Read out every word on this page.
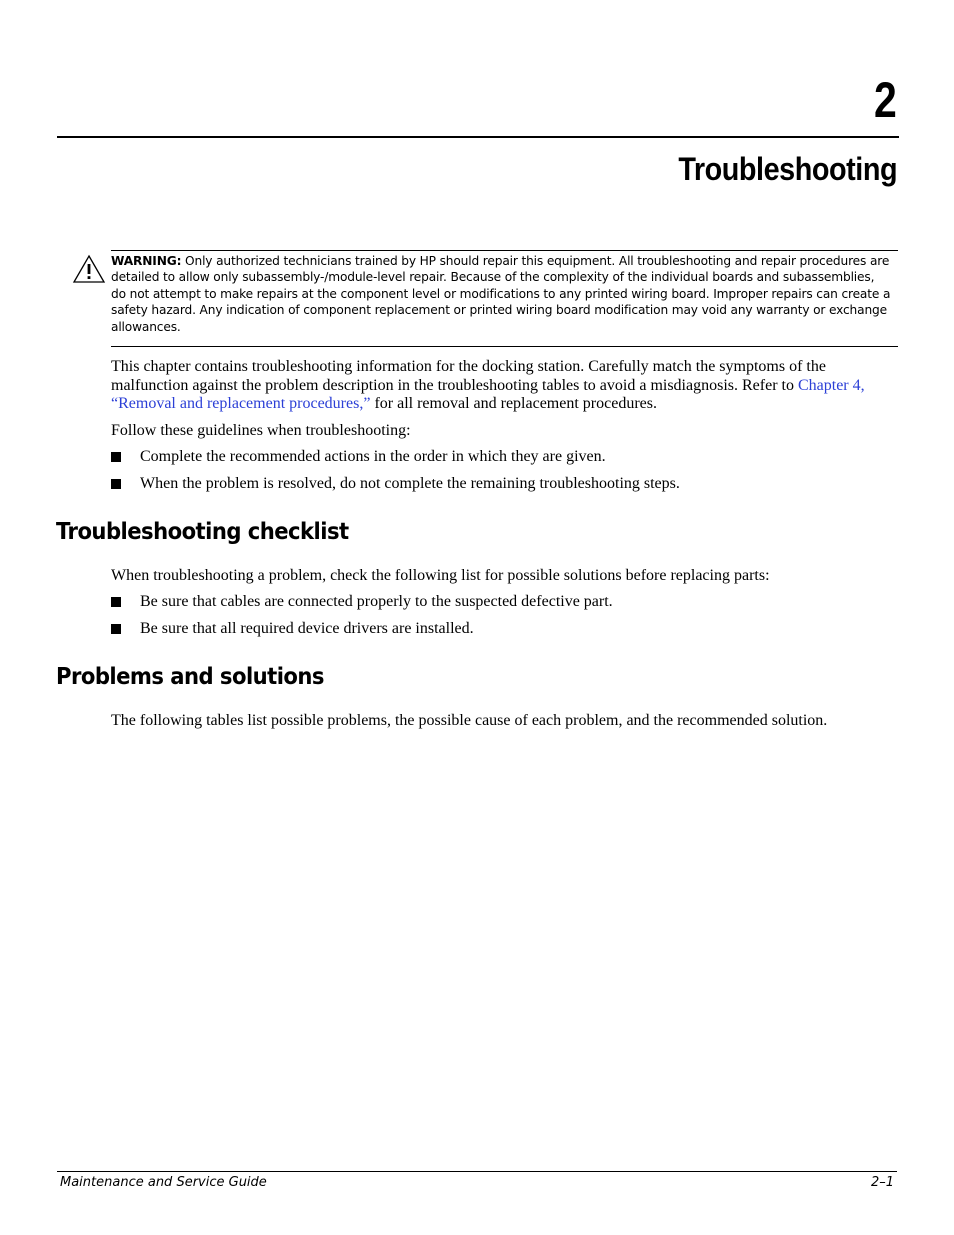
2
Troubleshooting
WARNING: Only authorized technicians trained by HP should repair this equipment. All troubleshooting and repair procedures are detailed to allow only subassembly-/module-level repair. Because of the complexity of the individual boards and subassemblies, do not attempt to make repairs at the component level or modifications to any printed wiring board. Improper repairs can create a safety hazard. Any indication of component replacement or printed wiring board modification may void any warranty or exchange allowances.
This chapter contains troubleshooting information for the docking station. Carefully match the symptoms of the malfunction against the problem description in the troubleshooting tables to avoid a misdiagnosis. Refer to Chapter 4, “Removal and replacement procedures,” for all removal and replacement procedures.
Follow these guidelines when troubleshooting:
Complete the recommended actions in the order in which they are given.
When the problem is resolved, do not complete the remaining troubleshooting steps.
Troubleshooting checklist
When troubleshooting a problem, check the following list for possible solutions before replacing parts:
Be sure that cables are connected properly to the suspected defective part.
Be sure that all required device drivers are installed.
Problems and solutions
The following tables list possible problems, the possible cause of each problem, and the recommended solution.
Maintenance and Service Guide	2–1
